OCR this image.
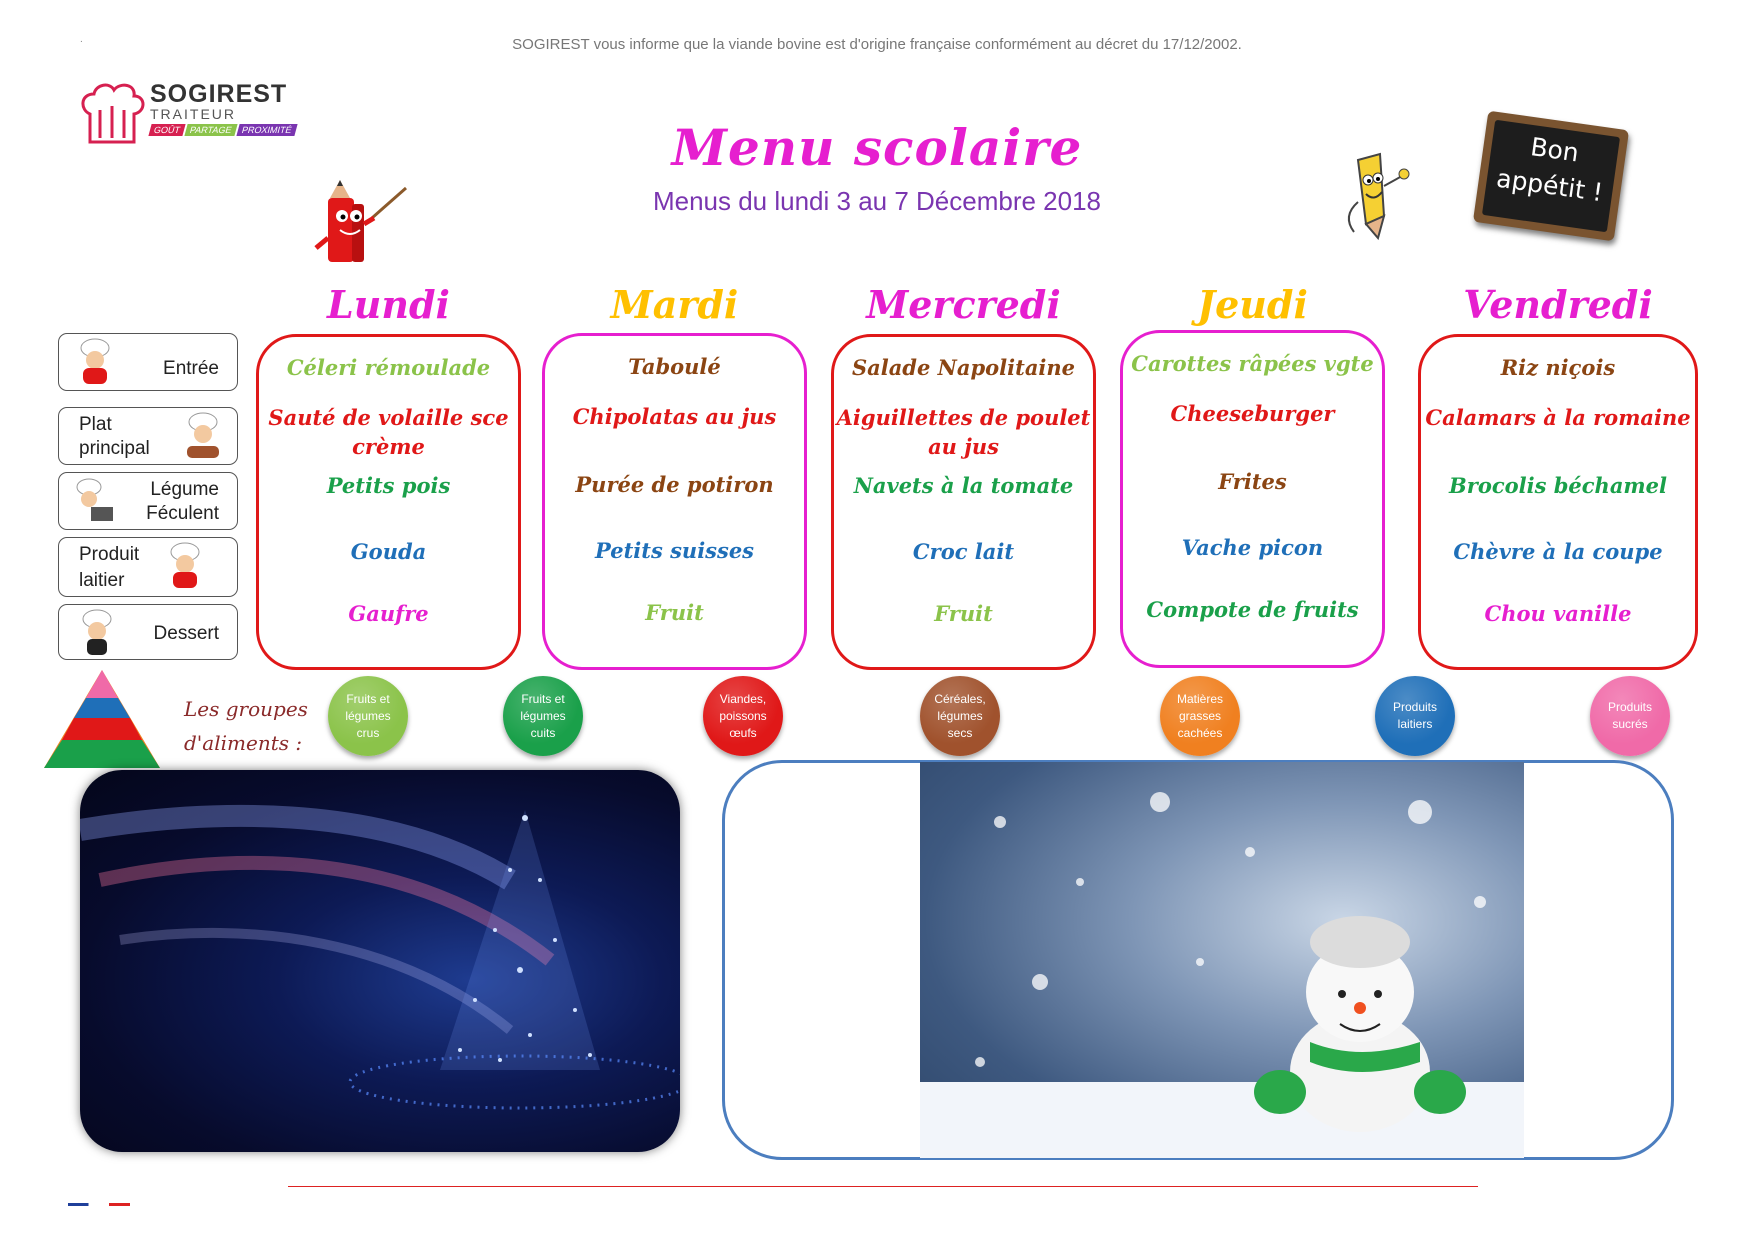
.	SOGIREST vous informe que la viande bovine est d'origine française conformément au décret du 17/12/2002.
SOGIREST
TRAITEUR
GOÛT PARTAGE PROXIMITÉ	Menu scolaire
Menus du lundi 3 au 7 Décembre 2018
Bon
appétit !
Entrée
Plat
principal
Légume
Féculent
Produit
laitier
Dessert
Lundi
Céleri rémoulade
Sauté de volaille sce crème
Petits pois
Gouda
Gaufre
Mardi
Taboulé
Chipolatas au jus
Purée de potiron
Petits suisses
Fruit
Mercredi
Salade Napolitaine
Aiguillettes de poulet au jus
Navets à la tomate
Croc lait
Fruit
Jeudi
Carottes râpées vgte
Cheeseburger
Frites
Vache picon
Compote de fruits
Vendredi
Riz niçois
Calamars à la romaine
Brocolis béchamel
Chèvre à la coupe
Chou vanille
Les groupes
d'aliments :
Fruits et
légumes
crus
Fruits et
légumes
cuits
Viandes,
poissons
œufs
Céréales,
légumes
secs
Matières
grasses
cachées
Produits
laitiers
Produits
sucrés
